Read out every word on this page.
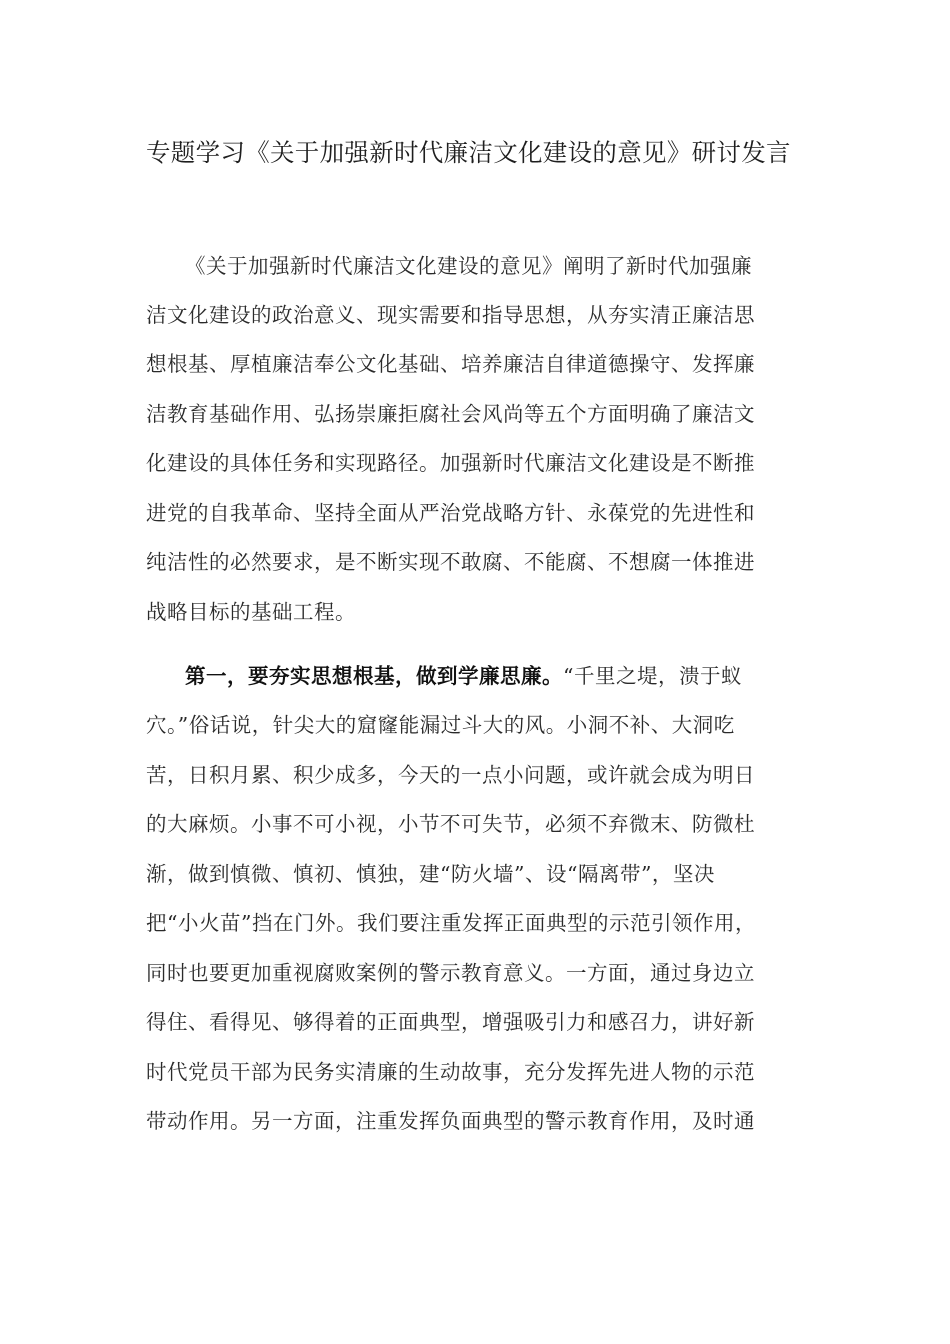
专题学习《关于加强新时代廉洁文化建设的意见》研讨发言
《关于加强新时代廉洁文化建设的意见》阐明了新时代加强廉
洁文化建设的政治意义、现实需要和指导思想，从夯实清正廉洁思
想根基、厚植廉洁奉公文化基础、培养廉洁自律道德操守、发挥廉
洁教育基础作用、弘扬崇廉拒腐社会风尚等五个方面明确了廉洁文
化建设的具体任务和实现路径。加强新时代廉洁文化建设是不断推
进党的自我革命、坚持全面从严治党战略方针、永葆党的先进性和
纯洁性的必然要求，是不断实现不敢腐、不能腐、不想腐一体推进
战略目标的基础工程。
第一，要夯实思想根基，做到学廉思廉。“千里之堤，溃于蚁
穴。”俗话说，针尖大的窟窿能漏过斗大的风。小洞不补、大洞吃
苦，日积月累、积少成多，今天的一点小问题，或许就会成为明日
的大麻烦。小事不可小视，小节不可失节，必须不弃微末、防微杜
渐，做到慎微、慎初、慎独，建“防火墙”、设“隔离带”，坚决
把“小火苗”挡在门外。我们要注重发挥正面典型的示范引领作用，
同时也要更加重视腐败案例的警示教育意义。一方面，通过身边立
得住、看得见、够得着的正面典型，增强吸引力和感召力，讲好新
时代党员干部为民务实清廉的生动故事，充分发挥先进人物的示范
带动作用。另一方面，注重发挥负面典型的警示教育作用，及时通
